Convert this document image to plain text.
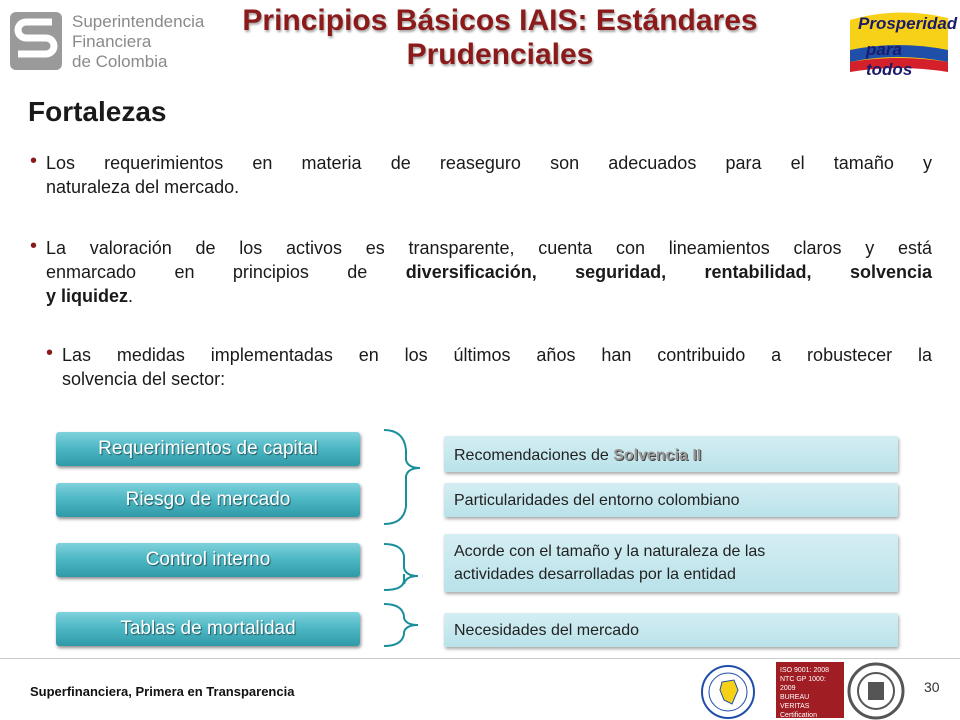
Superintendencia
Financiera
de Colombia
Principios Básicos IAIS: Estándares
Prudenciales
Prosperidad
para todos
Fortalezas
• Los requerimientos en materia de reaseguro son adecuados para el tamaño y
naturaleza del mercado.
• La valoración de los activos es transparente, cuenta con lineamientos claros y está
enmarcado en principios de diversificación, seguridad, rentabilidad, solvencia
y liquidez.
• Las medidas implementadas en los últimos años han contribuido a robustecer la
solvencia del sector:
Requerimientos de capital
Riesgo de mercado
Control interno
Tablas de mortalidad
Recomendaciones de Solvencia II
Particularidades del entorno colombiano
Acorde con el tamaño y la naturaleza de las
actividades desarrolladas por la entidad
Necesidades del mercado
Superfinanciera, Primera en Transparencia	30
ISO 9001: 2008
NTC GP 1000: 2009
BUREAU VERITAS
Certification
